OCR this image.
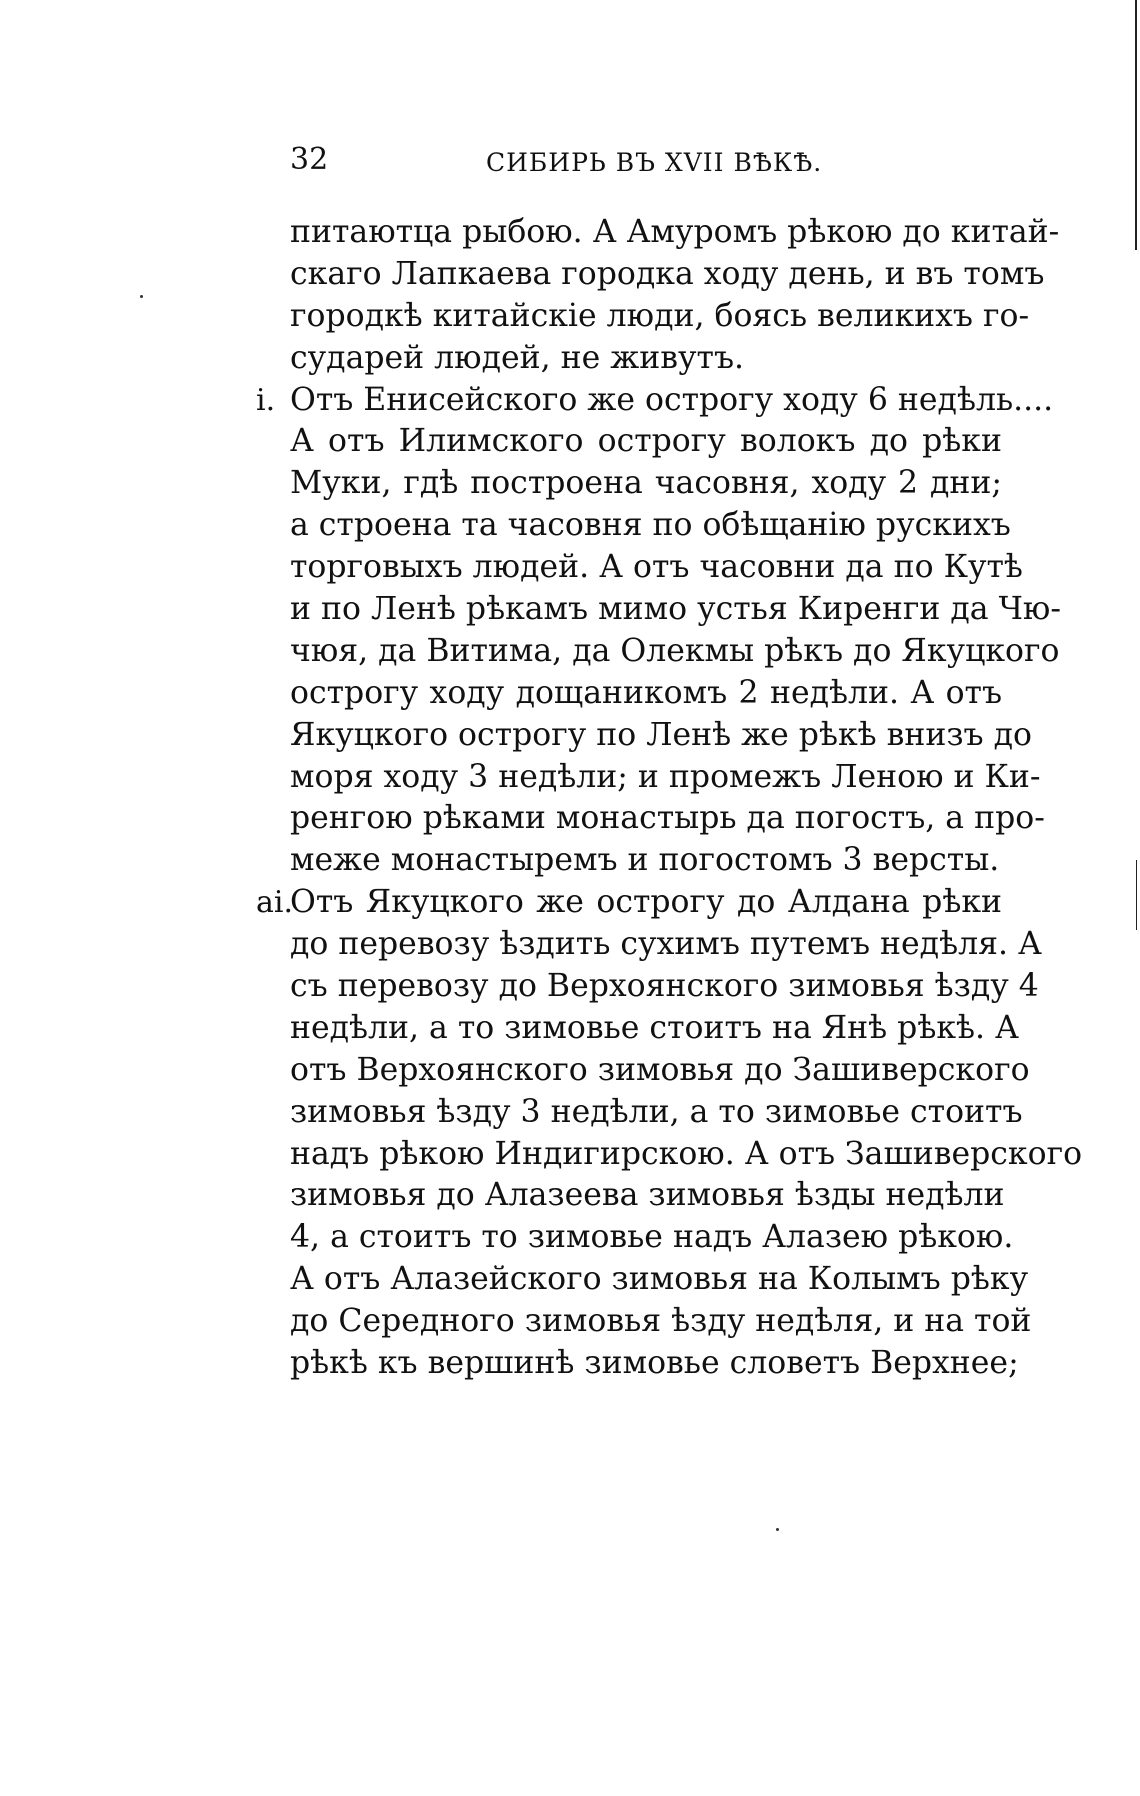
32	СИБИРЬ ВЪ XVII ВѢКѢ.
питаютца рыбою. А Амуромъ рѣкою до китай-
скаго Лапкаева городка ходу день, и въ томъ
городкѣ китайскіе люди, боясь великихъ го-
сударей людей, не живутъ.
і. Отъ Енисейского же острогу ходу 6 недѣль....
А отъ Илимского острогу волокъ до рѣки
Муки, гдѣ построена часовня, ходу 2 дни;
а строена та часовня по обѣщанію рускихъ
торговыхъ людей. А отъ часовни да по Кутѣ
и по Ленѣ рѣкамъ мимо устья Киренги да Чю-
чюя, да Витима, да Олекмы рѣкъ до Якуцкого
острогу ходу дощаникомъ 2 недѣли. А отъ
Якуцкого острогу по Ленѣ же рѣкѣ внизъ до
моря ходу 3 недѣли; и промежъ Леною и Ки-
ренгою рѣками монастырь да погостъ, а про-
меже монастыремъ и погостомъ 3 версты.
аі.
Отъ Якуцкого же острогу до Алдана рѣки
до перевозу ѣздить сухимъ путемъ недѣля. А
съ перевозу до Верхоянского зимовья ѣзду 4
недѣли, а то зимовье стоитъ на Янѣ рѣкѣ. А
отъ Верхоянского зимовья до Зашиверского
зимовья ѣзду 3 недѣли, а то зимовье стоитъ
надъ рѣкою Индигирскою. А отъ Зашиверского
зимовья до Алазеева зимовья ѣзды недѣли
4, а стоитъ то зимовье надъ Алазею рѣкою.
А отъ Алазейского зимовья на Колымъ рѣку
до Середного зимовья ѣзду недѣля, и на той
рѣкѣ къ вершинѣ зимовье словетъ Верхнее;
